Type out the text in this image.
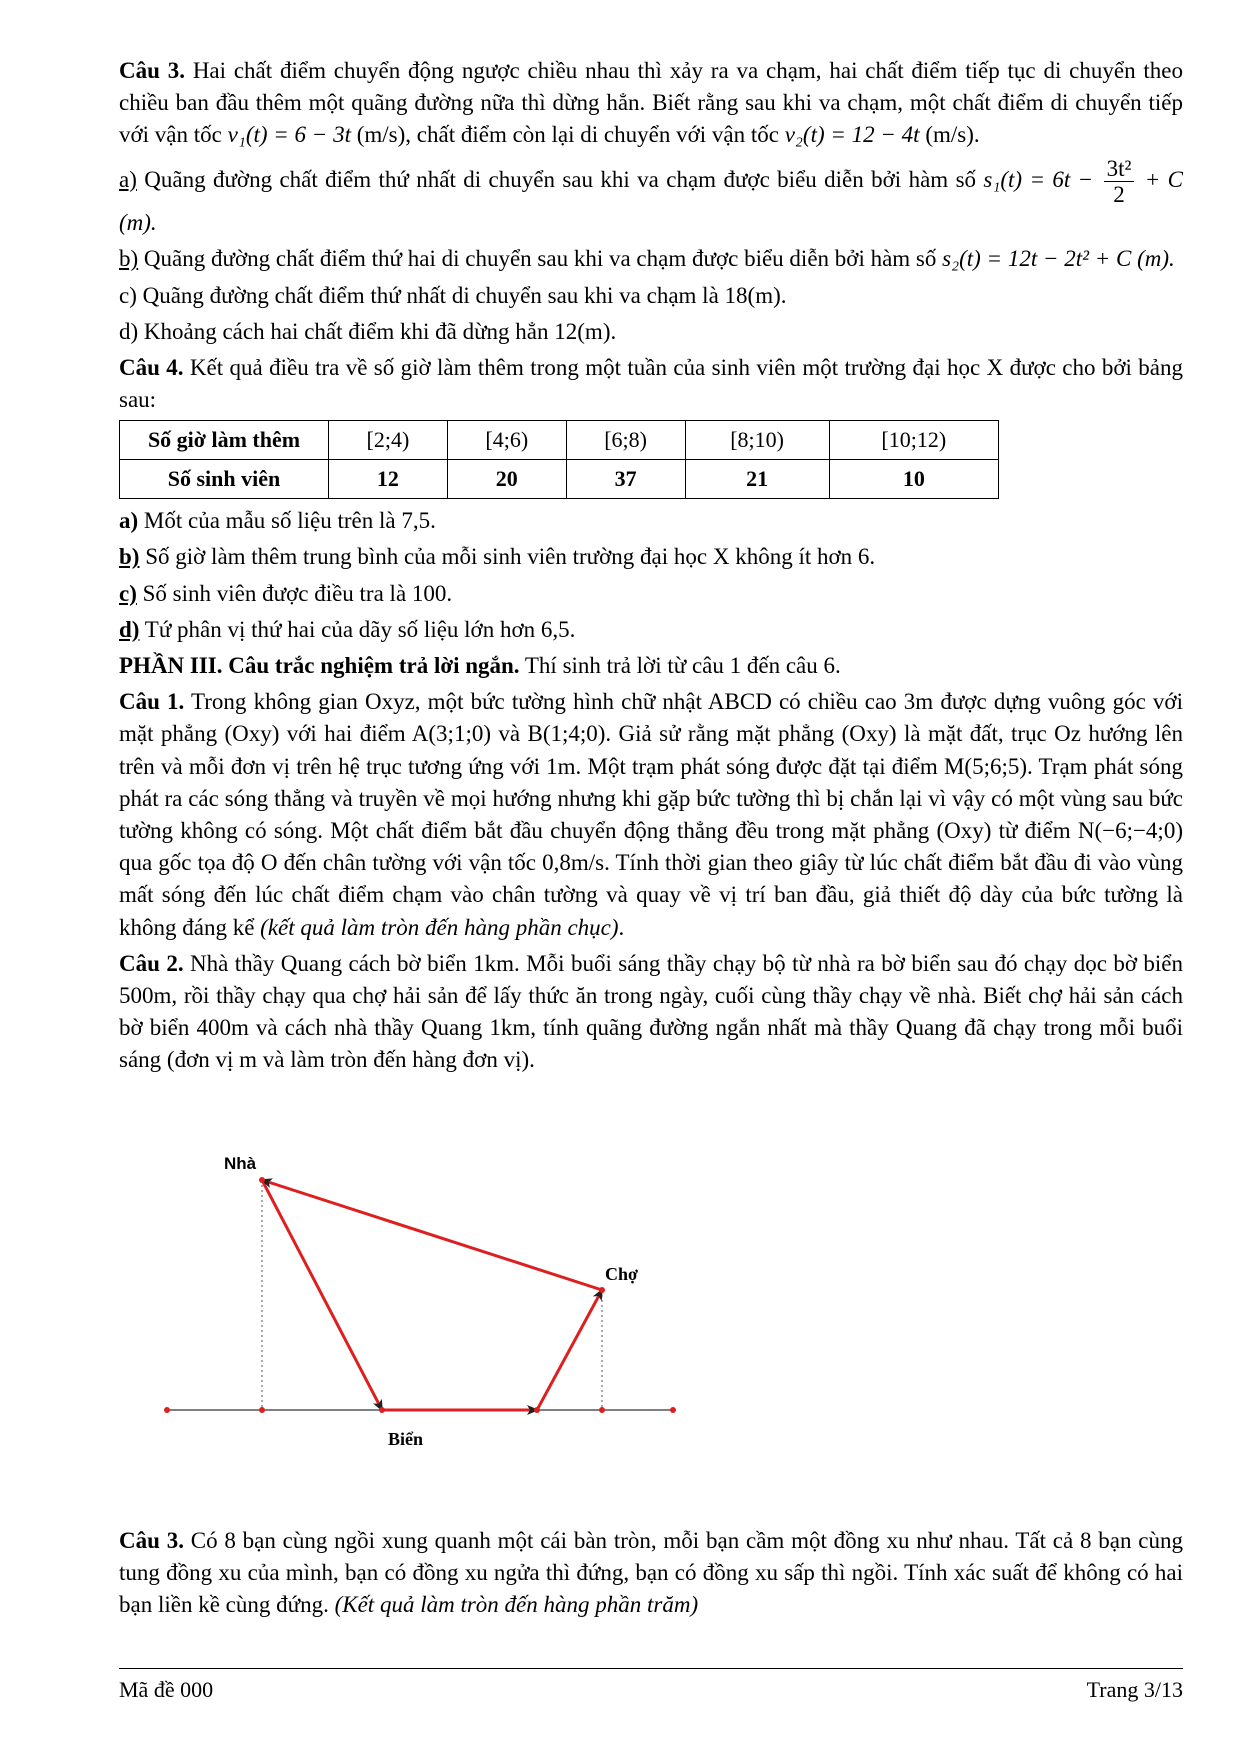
Câu 3. Hai chất điểm chuyển động ngược chiều nhau thì xảy ra va chạm, hai chất điểm tiếp tục di chuyển theo chiều ban đầu thêm một quãng đường nữa thì dừng hẳn. Biết rằng sau khi va chạm, một chất điểm di chuyển tiếp với vận tốc v₁(t) = 6 − 3t (m/s), chất điểm còn lại di chuyển với vận tốc v₂(t) = 12 − 4t (m/s).

a) Quãng đường chất điểm thứ nhất di chuyển sau khi va chạm được biểu diễn bởi hàm số $s_1(t) = 6t - \frac{\text{3t²}}{2} + C$ (m).

b) Quãng đường chất điểm thứ hai di chuyển sau khi va chạm được biểu diễn bởi hàm số s₂(t) = 12t − 2t² + C (m).

c) Quãng đường chất điểm thứ nhất di chuyển sau khi va chạm là 18(m).

d) Khoảng cách hai chất điểm khi đã dừng hẳn 12(m).

Câu 4. Kết quả điều tra về số giờ làm thêm trong một tuần của sinh viên một trường đại học X được cho bởi bảng sau:

Số giờ làm thêm	[2;4)	[4;6)	[6;8)	[8;10)	[10;12)
Số sinh viên	12	20	37	21	10

a) Mốt của mẫu số liệu trên là 7,5.

b) Số giờ làm thêm trung bình của mỗi sinh viên trường đại học X không ít hơn 6.

c) Số sinh viên được điều tra là 100.

d) Tứ phân vị thứ hai của dãy số liệu lớn hơn 6,5.

PHẦN III. Câu trắc nghiệm trả lời ngắn. Thí sinh trả lời từ câu 1 đến câu 6.

Câu 1. Trong không gian Oxyz, một bức tường hình chữ nhật ABCD có chiều cao 3m được dựng vuông góc với mặt phẳng (Oxy) với hai điểm A(3;1;0) và B(1;4;0). Giả sử rằng mặt phẳng (Oxy) là mặt đất, trục Oz hướng lên trên và mỗi đơn vị trên hệ trục tương ứng với 1m. Một trạm phát sóng được đặt tại điểm M(5;6;5). Trạm phát sóng phát ra các sóng thẳng và truyền về mọi hướng nhưng khi gặp bức tường thì bị chắn lại vì vậy có một vùng sau bức tường không có sóng. Một chất điểm bắt đầu chuyển động thẳng đều trong mặt phẳng (Oxy) từ điểm N(−6;−4;0) qua gốc tọa độ O đến chân tường với vận tốc 0,8m/s. Tính thời gian theo giây từ lúc chất điểm bắt đầu đi vào vùng mất sóng đến lúc chất điểm chạm vào chân tường và quay về vị trí ban đầu, giả thiết độ dày của bức tường là không đáng kể (kết quả làm tròn đến hàng phần chục).

Câu 2. Nhà thầy Quang cách bờ biển 1km. Mỗi buổi sáng thầy chạy bộ từ nhà ra bờ biển sau đó chạy dọc bờ biển 500m, rồi thầy chạy qua chợ hải sản để lấy thức ăn trong ngày, cuối cùng thầy chạy về nhà. Biết chợ hải sản cách bờ biển 400m và cách nhà thầy Quang 1km, tính quãng đường ngắn nhất mà thầy Quang đã chạy trong mỗi buổi sáng (đơn vị m và làm tròn đến hàng đơn vị).

Nhà
Chợ
Biển

Câu 3. Có 8 bạn cùng ngồi xung quanh một cái bàn tròn, mỗi bạn cầm một đồng xu như nhau. Tất cả 8 bạn cùng tung đồng xu của mình, bạn có đồng xu ngửa thì đứng, bạn có đồng xu sấp thì ngồi. Tính xác suất để không có hai bạn liền kề cùng đứng. (Kết quả làm tròn đến hàng phần trăm)

Mã đề 000	Trang 3/13
